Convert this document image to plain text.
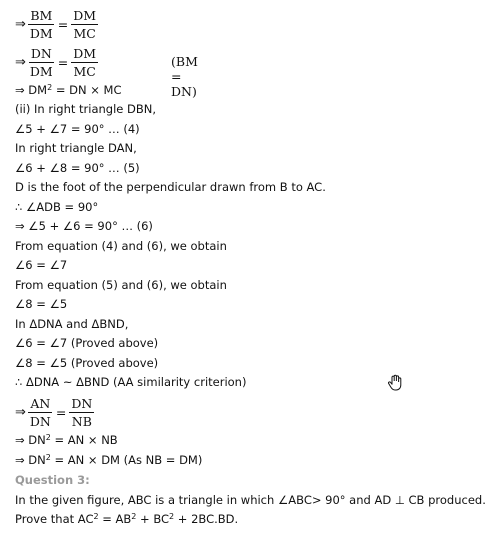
⇒ $\frac{BM}{DM} = \frac{DM}{MC}$
⇒ $\frac{DN}{DM} = \frac{DM}{MC}$	(BM = DN)
⇒ $DM^2$ = DN × MC
(ii) In right triangle DBN,
∠5 + ∠7 = 90° … (4)
In right triangle DAN,
∠6 + ∠8 = 90° … (5)
D is the foot of the perpendicular drawn from B to AC.
∴ ∠ADB = 90°
⇒ ∠5 + ∠6 = 90° … (6)
From equation (4) and (6), we obtain
∠6 = ∠7
From equation (5) and (6), we obtain
∠8 = ∠5
In ΔDNA and ΔBND,
∠6 = ∠7 (Proved above)
∠8 = ∠5 (Proved above)
∴ ΔDNA ~ ΔBND (AA similarity criterion)
⇒ $\frac{AN}{DN} = \frac{DN}{NB}$
⇒ $DN^2$ = AN × NB
⇒ $DN^2$ = AN × DM (As NB = DM)
Question 3:
In the given figure, ABC is a triangle in which ∠ABC> 90° and AD ⊥ CB produced.
Prove that $AC^2 = AB^2 + BC^2 + 2BC.BD$.
